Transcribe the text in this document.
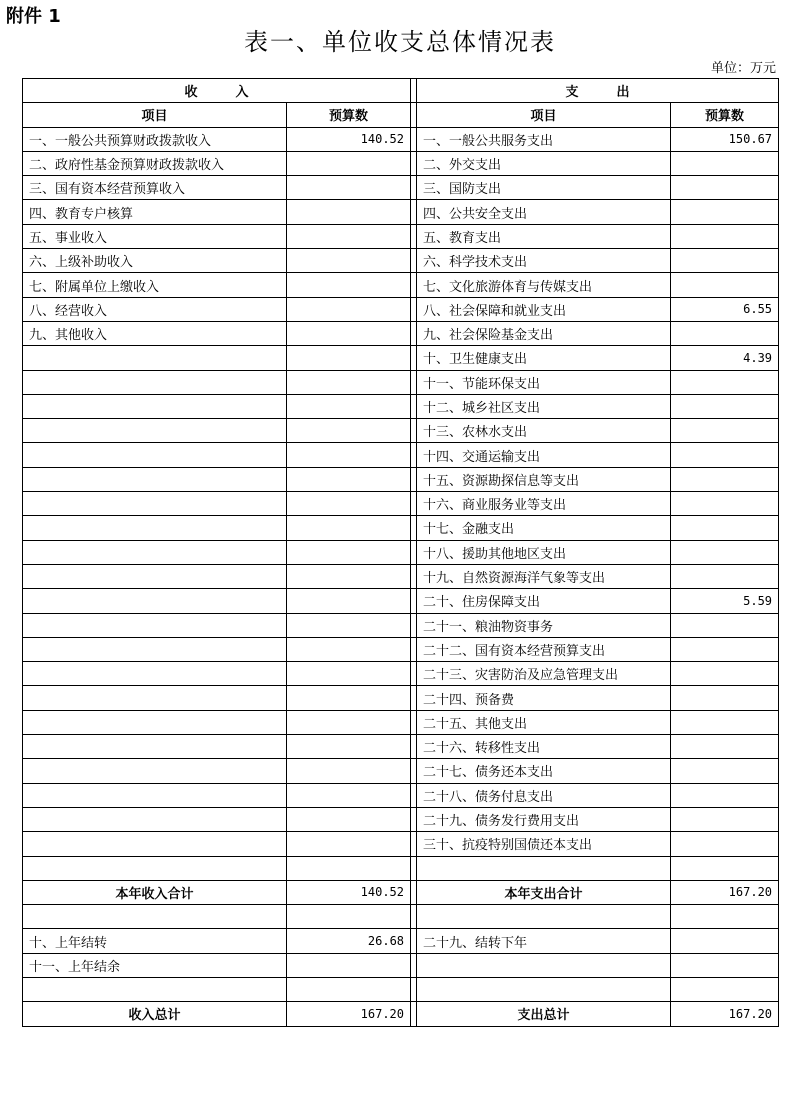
附件 1
表一、单位收支总体情况表
单位：万元
收入			支出	
项目	预算数		项目	预算数
一、一般公共预算财政拨款收入	140.52		一、一般公共服务支出	150.67
二、政府性基金预算财政拨款收入			二、外交支出	
三、国有资本经营预算收入			三、国防支出	
四、教育专户核算			四、公共安全支出	
五、事业收入			五、教育支出	
六、上级补助收入			六、科学技术支出	
七、附属单位上缴收入			七、文化旅游体育与传媒支出	
八、经营收入			八、社会保障和就业支出	6.55
九、其他收入			九、社会保险基金支出	
			十、卫生健康支出	4.39
			十一、节能环保支出	
			十二、城乡社区支出	
			十三、农林水支出	
			十四、交通运输支出	
			十五、资源勘探信息等支出	
			十六、商业服务业等支出	
			十七、金融支出	
			十八、援助其他地区支出	
			十九、自然资源海洋气象等支出	
			二十、住房保障支出	5.59
			二十一、粮油物资事务	
			二十二、国有资本经营预算支出	
			二十三、灾害防治及应急管理支出	
			二十四、预备费	
			二十五、其他支出	
			二十六、转移性支出	
			二十七、债务还本支出	
			二十八、债务付息支出	
			二十九、债务发行费用支出	
			三十、抗疫特别国债还本支出	

本年收入合计	140.52		本年支出合计	167.20

十、上年结转	26.68		二十九、结转下年	
十一、上年结余				

收入总计	167.20		支出总计	167.20
